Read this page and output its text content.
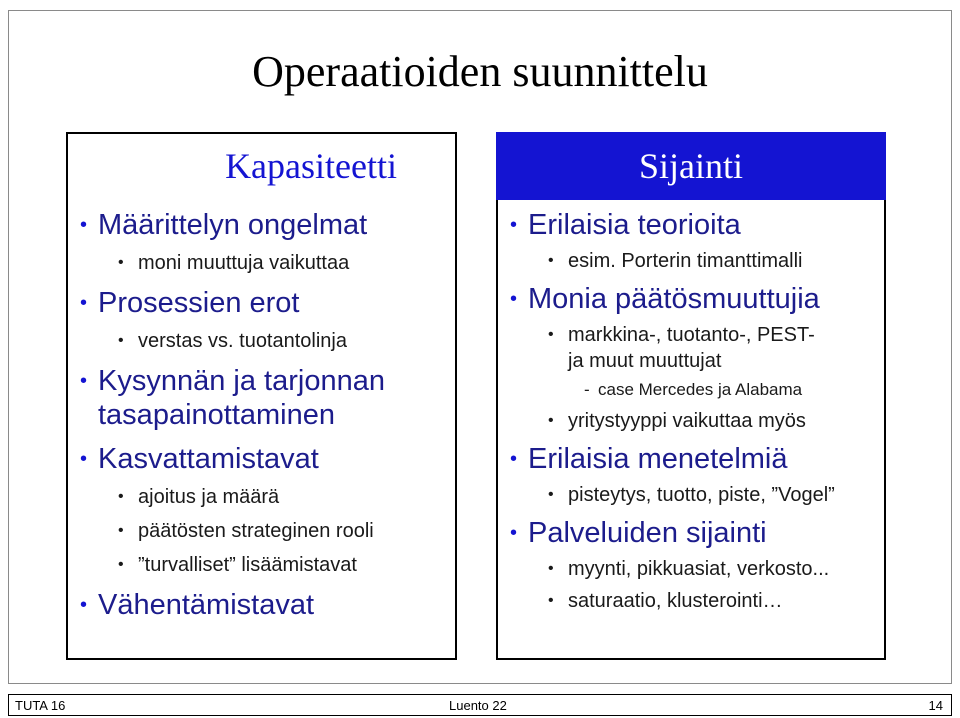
Operaatioiden suunnittelu
Kapasiteetti
• Määrittelyn ongelmat
• moni muuttuja vaikuttaa
• Prosessien erot
• verstas vs. tuotantolinja
• Kysynnän ja tarjonnan tasapainottaminen
• Kasvattamistavat
• ajoitus ja määrä
• päätösten strateginen rooli
• ”turvalliset” lisäämistavat
• Vähentämistavat
Sijainti
• Erilaisia teorioita
• esim. Porterin timanttimalli
• Monia päätösmuuttujia
• markkina-, tuotanto-, PEST-ja muut muuttujat
- case Mercedes ja Alabama
• yritystyyppi vaikuttaa myös
• Erilaisia menetelmiä
• pisteytys, tuotto, piste, ”Vogel”
• Palveluiden sijainti
• myynti, pikkuasiat, verkosto...
• saturaatio, klusterointi…
TUTA 16	Luento 22	14
